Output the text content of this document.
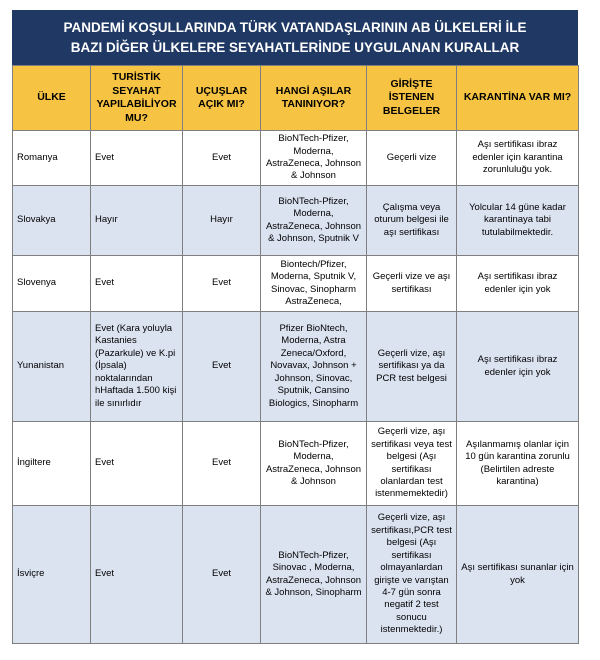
PANDEMİ KOŞULLARINDA TÜRK VATANDAŞLARININ AB ÜLKELERİ İLE
BAZI DİĞER ÜLKELERE SEYAHATLERİNDE UYGULANAN KURALLAR
ÜLKE	TURİSTİK SEYAHAT YAPILABİLİYOR MU?	UÇUŞLAR AÇIK MI?	HANGİ AŞILAR TANINIYOR?	GİRİŞTE İSTENEN BELGELER	KARANTİNA VAR MI?
Romanya	Evet	Evet	BioNTech-Pfizer, Moderna, AstraZeneca, Johnson & Johnson	Geçerli vize	Aşı sertifikası ibraz edenler için karantina zorunluluğu yok.
Slovakya	Hayır	Hayır	BioNTech-Pfizer, Moderna, AstraZeneca, Johnson & Johnson, Sputnik V	Çalışma veya oturum belgesi ile aşı sertifikası	Yolcular 14 güne kadar karantinaya tabi tutulabilmektedir.
Slovenya	Evet	Evet	Biontech/Pfizer, Moderna, Sputnik V, Sinovac, Sinopharm AstraZeneca,	Geçerli vize ve aşı sertifikası	Aşı sertifikası ibraz edenler için yok
Yunanistan	Evet (Kara yoluyla Kastanies (Pazarkule) ve K.pi (İpsala) noktalarından hHaftada 1.500 kişi ile sınırlıdır	Evet	Pfizer BioNtech, Moderna, Astra Zeneca/Oxford, Novavax, Johnson + Johnson, Sinovac, Sputnik, Cansino Biologics, Sinopharm	Geçerli vize, aşı sertifikası ya da PCR test belgesi	Aşı sertifikası ibraz edenler için yok
İngiltere	Evet	Evet	BioNTech-Pfizer, Moderna, AstraZeneca, Johnson & Johnson	Geçerli vize, aşı sertifikası veya test belgesi (Aşı sertifikası olanlardan test istenmemektedir)	Aşılanmamış olanlar için 10 gün karantina zorunlu (Belirtilen adreste karantina)
İsviçre	Evet	Evet	BioNTech-Pfizer, Sinovac , Moderna, AstraZeneca, Johnson & Johnson, Sinopharm	Geçerli vize, aşı sertifikası,PCR test belgesi (Aşı sertifikası olmayanlardan girişte ve varıştan 4-7 gün sonra negatif 2 test sonucu istenmektedir.)	Aşı sertifikası sunanlar için yok
